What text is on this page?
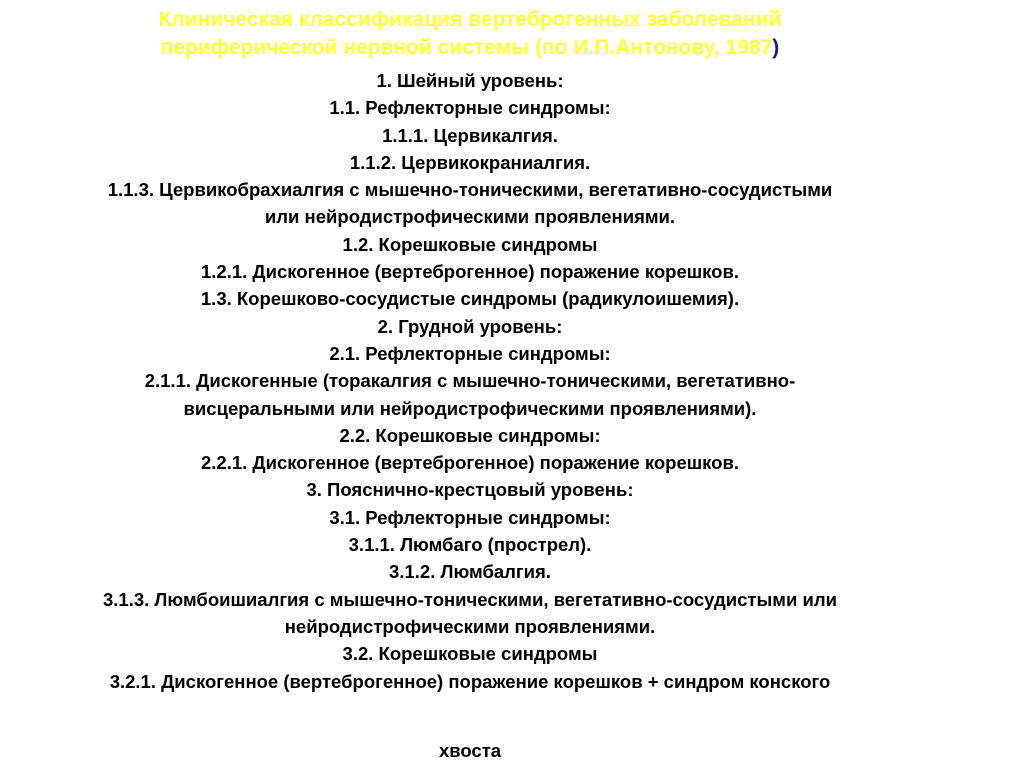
Клиническая классификация вертеброгенных заболеваний
периферической нервной системы (по И.П.Антонову, 1987)
1. Шейный уровень:
1.1. Рефлекторные синдромы:
1.1.1. Цервикалгия.
1.1.2. Цервикокраниалгия.
1.1.3. Цервикобрахиалгия с мышечно-тоническими, вегетативно-сосудистыми
или нейродистрофическими проявлениями.
1.2. Корешковые синдромы
1.2.1. Дискогенное (вертеброгенное) поражение корешков.
1.3. Корешково-сосудистые синдромы (радикулоишемия).
2. Грудной уровень:
2.1. Рефлекторные синдромы:
2.1.1. Дискогенные (торакалгия с мышечно-тоническими, вегетативно-
висцеральными или нейродистрофическими проявлениями).
2.2. Корешковые синдромы:
2.2.1. Дискогенное (вертеброгенное) поражение корешков.
3. Пояснично-крестцовый уровень:
3.1. Рефлекторные синдромы:
3.1.1. Люмбаго (прострел).
3.1.2. Люмбалгия.
3.1.3. Люмбоишиалгия с мышечно-тоническими, вегетативно-сосудистыми или
нейродистрофическими проявлениями.
3.2. Корешковые синдромы
3.2.1. Дискогенное (вертеброгенное) поражение корешков + синдром конского
хвоста
